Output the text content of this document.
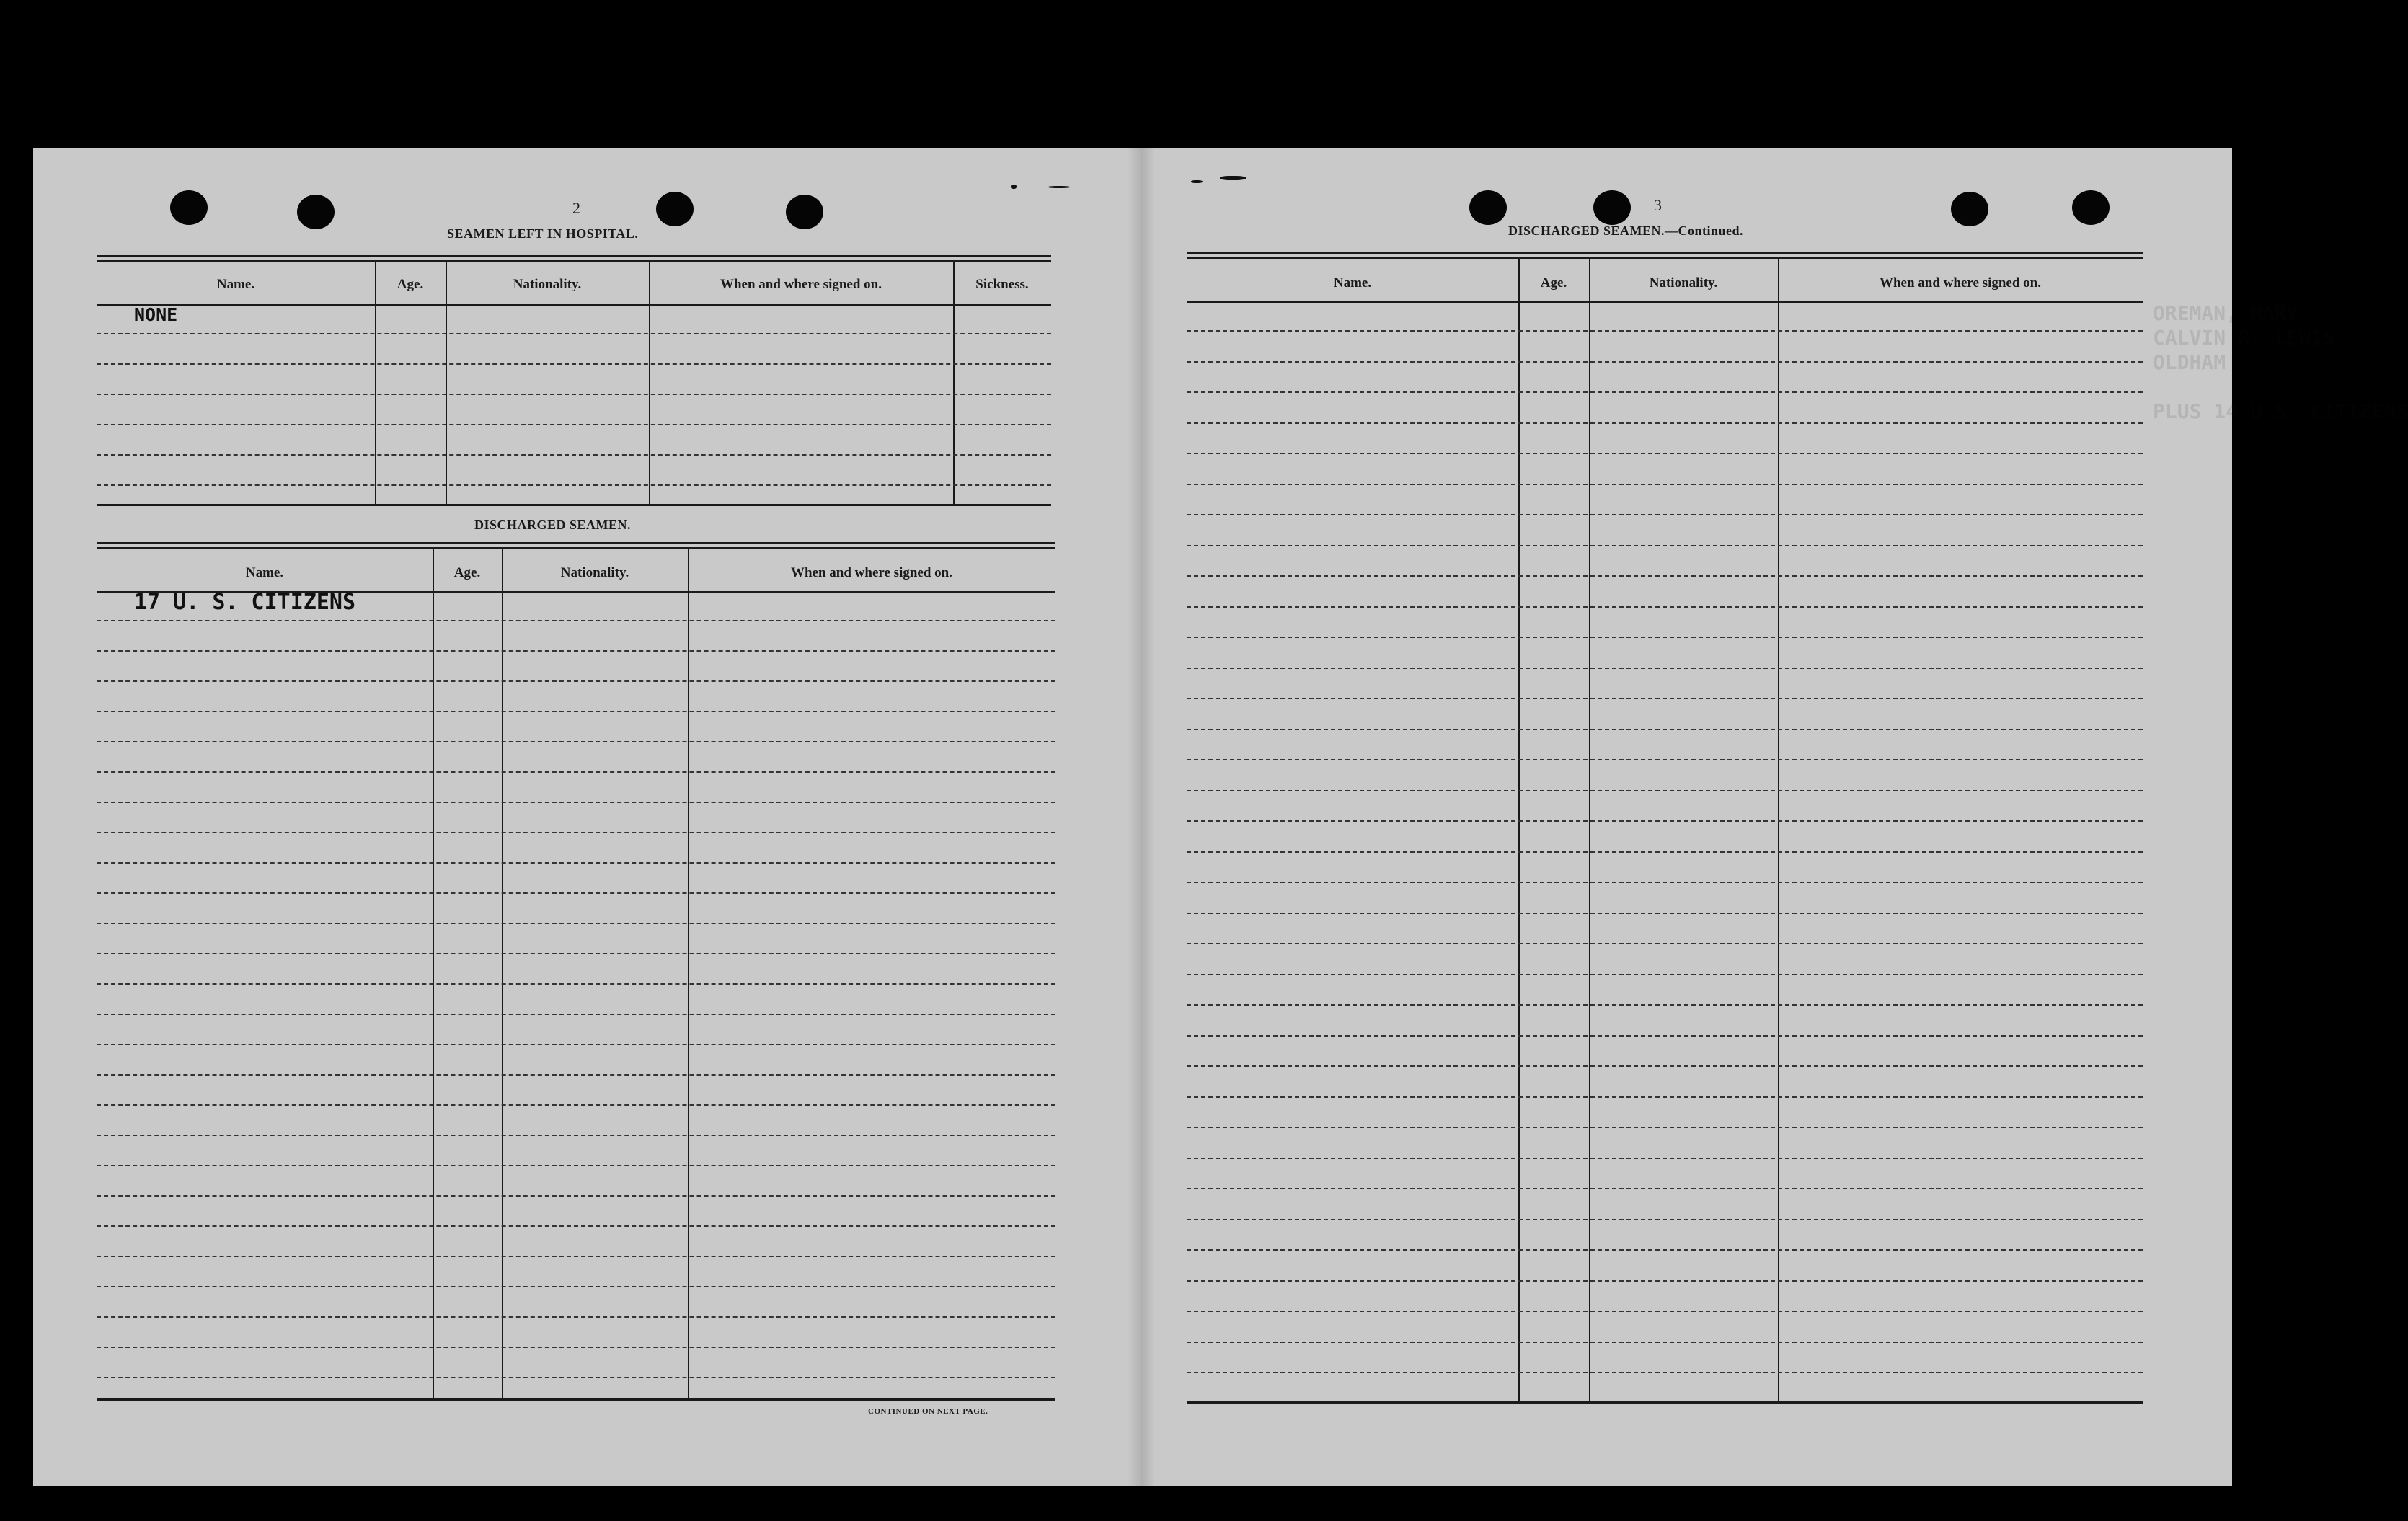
OREMAN, MARY
CALVIN R. LEWIS
OLDHAM

PLUS 14 U.S. CITIZENS
2
SEAMEN LEFT IN HOSPITAL.
Name.	Age.	Nationality.	When and where signed on.	Sickness.
NONE
DISCHARGED SEAMEN.
Name.	Age.	Nationality.	When and where signed on.
17 U. S. CITIZENS
CONTINUED ON NEXT PAGE.
3
DISCHARGED SEAMEN.—Continued.
Name.	Age.	Nationality.	When and where signed on.
